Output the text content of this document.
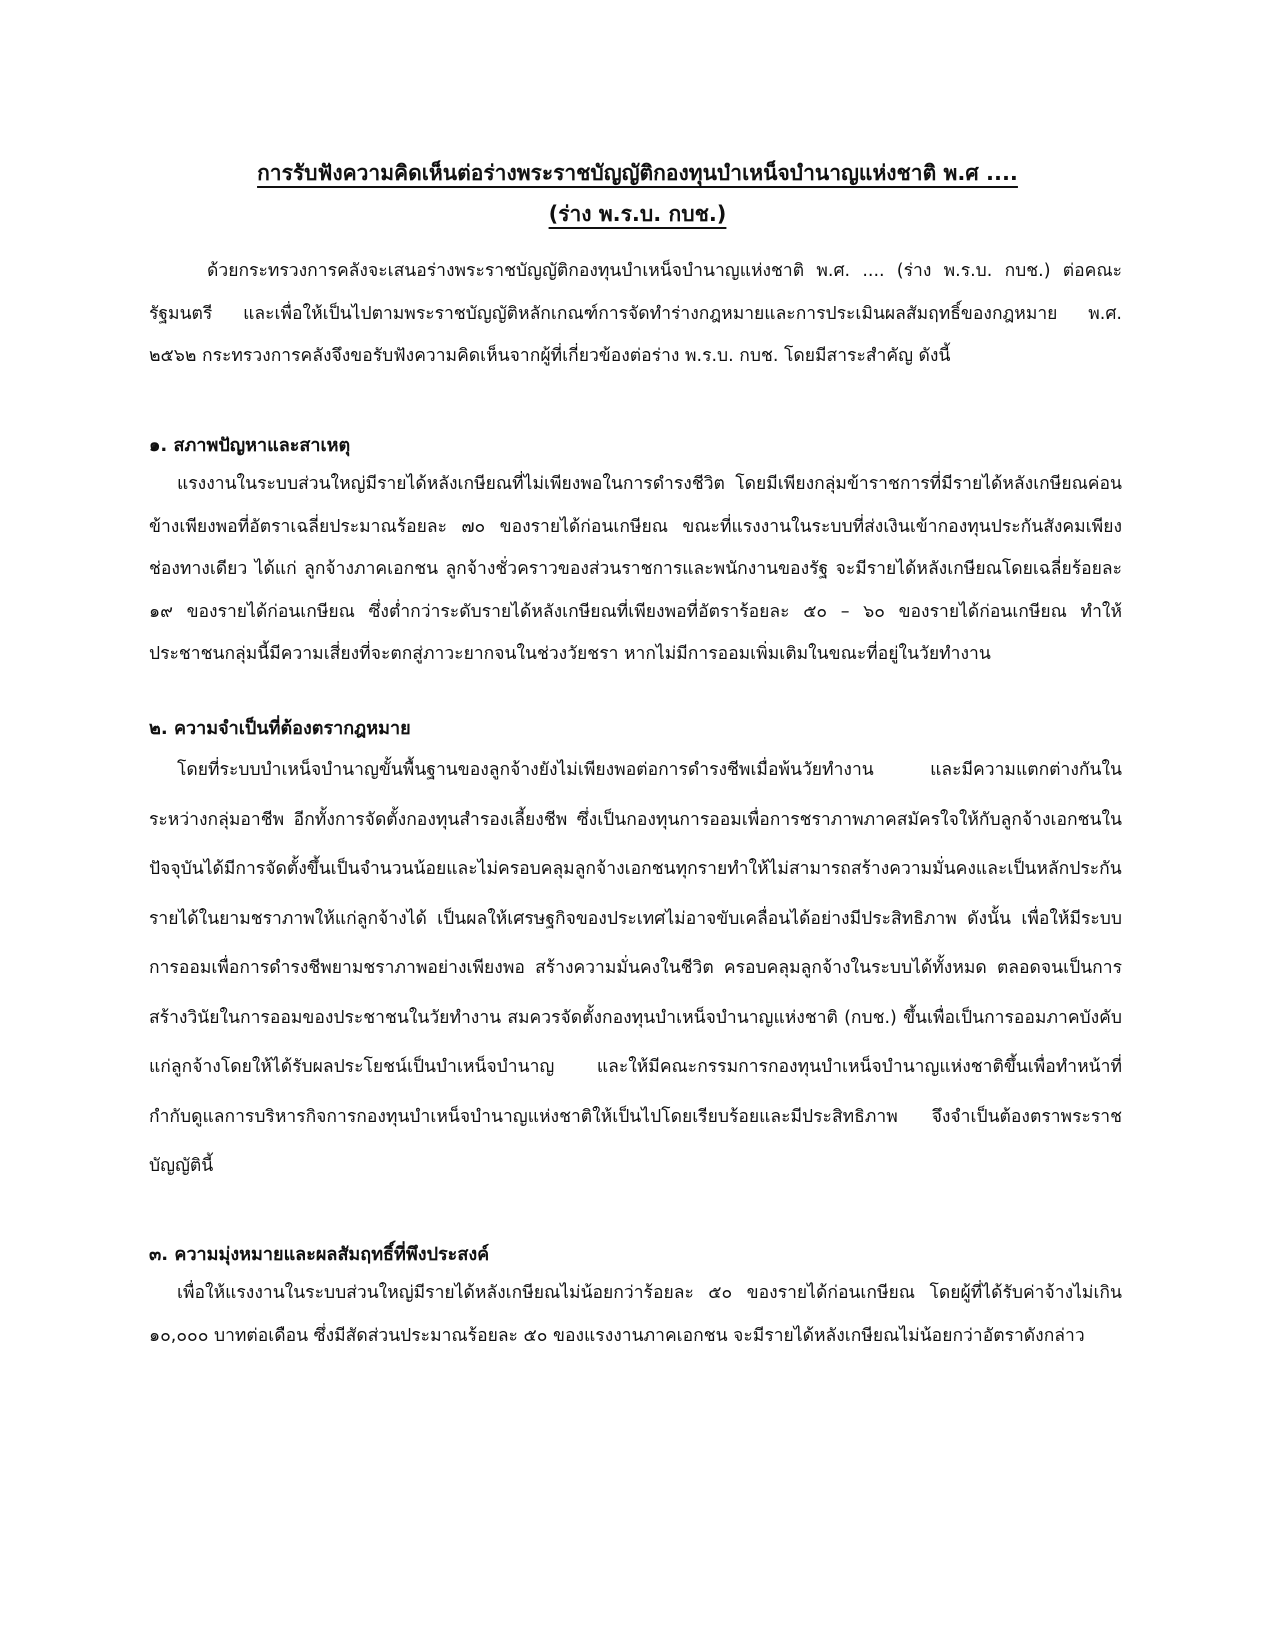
การรับฟังความคิดเห็นต่อร่างพระราชบัญญัติกองทุนบำเหน็จบำนาญแห่งชาติ พ.ศ ....

(ร่าง พ.ร.บ. กบช.)

ด้วยกระทรวงการคลังจะเสนอร่างพระราชบัญญัติกองทุนบำเหน็จบำนาญแห่งชาติ พ.ศ. .... (ร่าง พ.ร.บ. กบช.) ต่อคณะรัฐมนตรี และเพื่อให้เป็นไปตามพระราชบัญญัติหลักเกณฑ์การจัดทำร่างกฎหมายและการประเมินผลสัมฤทธิ์ของกฎหมาย พ.ศ. ๒๕๖๒ กระทรวงการคลังจึงขอรับฟังความคิดเห็นจากผู้ที่เกี่ยวข้องต่อร่าง พ.ร.บ. กบช. โดยมีสาระสำคัญ ดังนี้

๑. สภาพปัญหาและสาเหตุ

แรงงานในระบบส่วนใหญ่มีรายได้หลังเกษียณที่ไม่เพียงพอในการดำรงชีวิต โดยมีเพียงกลุ่มข้าราชการที่มีรายได้หลังเกษียณค่อนข้างเพียงพอที่อัตราเฉลี่ยประมาณร้อยละ ๗๐ ของรายได้ก่อนเกษียณ ขณะที่แรงงานในระบบที่ส่งเงินเข้ากองทุนประกันสังคมเพียงช่องทางเดียว ได้แก่ ลูกจ้างภาคเอกชน ลูกจ้างชั่วคราวของส่วนราชการและพนักงานของรัฐ จะมีรายได้หลังเกษียณโดยเฉลี่ยร้อยละ ๑๙ ของรายได้ก่อนเกษียณ ซึ่งต่ำกว่าระดับรายได้หลังเกษียณที่เพียงพอที่อัตราร้อยละ ๕๐ – ๖๐ ของรายได้ก่อนเกษียณ ทำให้ประชาชนกลุ่มนี้มีความเสี่ยงที่จะตกสู่ภาวะยากจนในช่วงวัยชรา หากไม่มีการออมเพิ่มเติมในขณะที่อยู่ในวัยทำงาน

๒. ความจำเป็นที่ต้องตรากฎหมาย

โดยที่ระบบบำเหน็จบำนาญขั้นพื้นฐานของลูกจ้างยังไม่เพียงพอต่อการดำรงชีพเมื่อพ้นวัยทำงาน และมีความแตกต่างกันในระหว่างกลุ่มอาชีพ อีกทั้งการจัดตั้งกองทุนสำรองเลี้ยงชีพ ซึ่งเป็นกองทุนการออมเพื่อการชราภาพภาคสมัครใจให้กับลูกจ้างเอกชนในปัจจุบันได้มีการจัดตั้งขึ้นเป็นจำนวนน้อยและไม่ครอบคลุมลูกจ้างเอกชนทุกรายทำให้ไม่สามารถสร้างความมั่นคงและเป็นหลักประกันรายได้ในยามชราภาพให้แก่ลูกจ้างได้ เป็นผลให้เศรษฐกิจของประเทศไม่อาจขับเคลื่อนได้อย่างมีประสิทธิภาพ ดังนั้น เพื่อให้มีระบบการออมเพื่อการดำรงชีพยามชราภาพอย่างเพียงพอ สร้างความมั่นคงในชีวิต ครอบคลุมลูกจ้างในระบบได้ทั้งหมด ตลอดจนเป็นการสร้างวินัยในการออมของประชาชนในวัยทำงาน สมควรจัดตั้งกองทุนบำเหน็จบำนาญแห่งชาติ (กบช.) ขึ้นเพื่อเป็นการออมภาคบังคับแก่ลูกจ้างโดยให้ได้รับผลประโยชน์เป็นบำเหน็จบำนาญ และให้มีคณะกรรมการกองทุนบำเหน็จบำนาญแห่งชาติขึ้นเพื่อทำหน้าที่กำกับดูแลการบริหารกิจการกองทุนบำเหน็จบำนาญแห่งชาติให้เป็นไปโดยเรียบร้อยและมีประสิทธิภาพ จึงจำเป็นต้องตราพระราชบัญญัตินี้

๓. ความมุ่งหมายและผลสัมฤทธิ์ที่พึงประสงค์

เพื่อให้แรงงานในระบบส่วนใหญ่มีรายได้หลังเกษียณไม่น้อยกว่าร้อยละ ๕๐ ของรายได้ก่อนเกษียณ โดยผู้ที่ได้รับค่าจ้างไม่เกิน ๑๐,๐๐๐ บาทต่อเดือน ซึ่งมีสัดส่วนประมาณร้อยละ ๕๐ ของแรงงานภาคเอกชน จะมีรายได้หลังเกษียณไม่น้อยกว่าอัตราดังกล่าว
